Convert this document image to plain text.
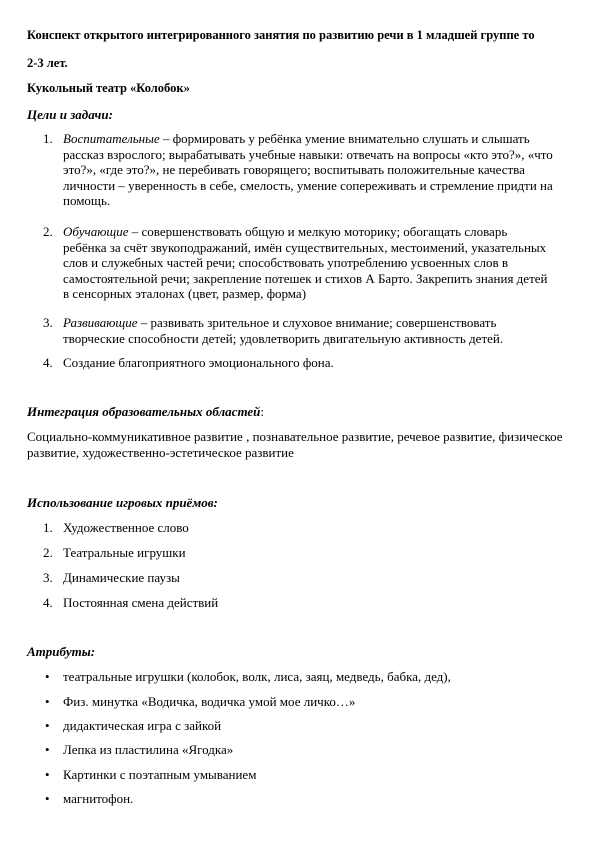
Конспект открытого интегрированного занятия по развитию речи в 1 младшей группе то
2-3 лет.
Кукольный театр «Колобок»
Цели и задачи:
1. Воспитательные – формировать у ребёнка умение внимательно слушать и слышать рассказ взрослого; вырабатывать учебные навыки: отвечать на вопросы «кто это?», «что это?», «где это?», не перебивать говорящего; воспитывать положительные качества личности – уверенность в себе, смелость, умение сопереживать и стремление придти на помощь.
2. Обучающие – совершенствовать общую и мелкую моторику; обогащать словарь ребёнка за счёт звукоподражаний, имён существительных, местоимений, указательных слов и служебных частей речи; способствовать употреблению усвоенных слов в самостоятельной речи; закрепление потешек и стихов А Барто. Закрепить знания детей в сенсорных эталонах (цвет, размер, форма)
3. Развивающие – развивать зрительное и слуховое внимание; совершенствовать творческие способности детей; удовлетворить двигательную активность детей.
4. Создание благоприятного эмоционального фона.
Интеграция образовательных областей:
Социально-коммуникативное развитие , познавательное развитие, речевое развитие, физическое развитие, художественно-эстетическое развитие
Использование игровых приёмов:
1. Художественное слово
2. Театральные игрушки
3. Динамические паузы
4. Постоянная смена действий
Атрибуты:
• театральные игрушки (колобок, волк, лиса, заяц, медведь, бабка, дед),
• Физ. минутка «Водичка, водичка умой мое личко…»
• дидактическая игра с зайкой
• Лепка из пластилина «Ягодка»
• Картинки с поэтапным умыванием
• магнитофон.
